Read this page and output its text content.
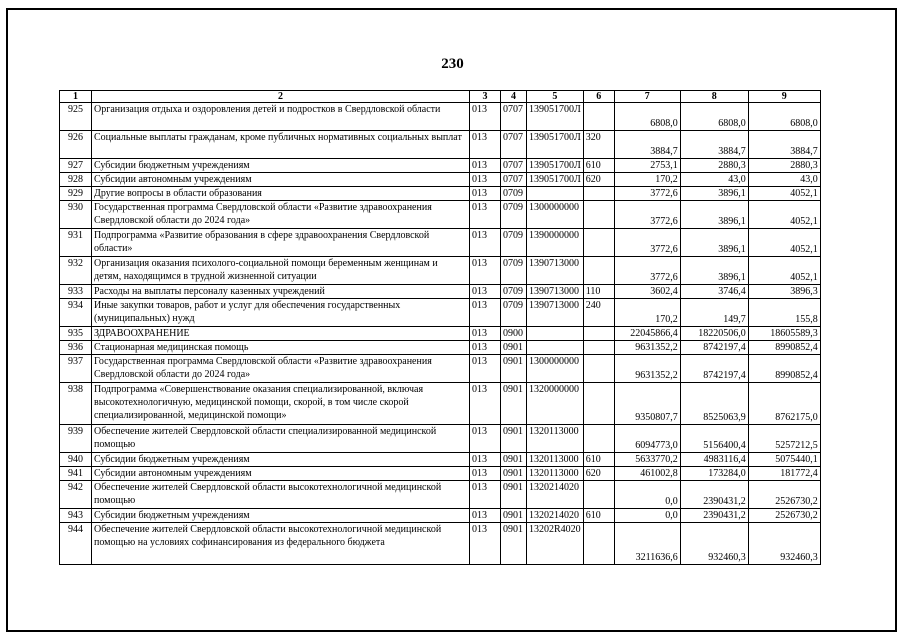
230
1	2	3	4	5	6	7	8	9
925	Организация отдыха и оздоровления детей и подростков в Свердловской области	013	0707	139051700Л		6808,0	6808,0	6808,0
926	Социальные выплаты гражданам, кроме публичных нормативных социальных выплат	013	0707	139051700Л	320	3884,7	3884,7	3884,7
927	Субсидии бюджетным учреждениям	013	0707	139051700Л	610	2753,1	2880,3	2880,3
928	Субсидии автономным учреждениям	013	0707	139051700Л	620	170,2	43,0	43,0
929	Другие вопросы в области образования	013	0709			3772,6	3896,1	4052,1
930	Государственная программа Свердловской области «Развитие здравоохранения Свердловской области до 2024 года»	013	0709	1300000000		3772,6	3896,1	4052,1
931	Подпрограмма «Развитие образования в сфере здравоохранения Свердловской области»	013	0709	1390000000		3772,6	3896,1	4052,1
932	Организация оказания психолого-социальной помощи беременным женщинам и детям, находящимся в трудной жизненной ситуации	013	0709	1390713000		3772,6	3896,1	4052,1
933	Расходы на выплаты персоналу казенных учреждений	013	0709	1390713000	110	3602,4	3746,4	3896,3
934	Иные закупки товаров, работ и услуг для обеспечения государственных (муниципальных) нужд	013	0709	1390713000	240	170,2	149,7	155,8
935	ЗДРАВООХРАНЕНИЕ	013	0900			22045866,4	18220506,0	18605589,3
936	Стационарная медицинская помощь	013	0901			9631352,2	8742197,4	8990852,4
937	Государственная программа Свердловской области «Развитие здравоохранения Свердловской области до 2024 года»	013	0901	1300000000		9631352,2	8742197,4	8990852,4
938	Подпрограмма «Совершенствование оказания специализированной, включая высокотехнологичную, медицинской помощи, скорой, в том числе скорой специализированной, медицинской помощи»	013	0901	1320000000		9350807,7	8525063,9	8762175,0
939	Обеспечение жителей Свердловской области специализированной медицинской помощью	013	0901	1320113000		6094773,0	5156400,4	5257212,5
940	Субсидии бюджетным учреждениям	013	0901	1320113000	610	5633770,2	4983116,4	5075440,1
941	Субсидии автономным учреждениям	013	0901	1320113000	620	461002,8	173284,0	181772,4
942	Обеспечение жителей Свердловской области высокотехнологичной медицинской помощью	013	0901	1320214020		0,0	2390431,2	2526730,2
943	Субсидии бюджетным учреждениям	013	0901	1320214020	610	0,0	2390431,2	2526730,2
944	Обеспечение жителей Свердловской области высокотехнологичной медицинской помощью на условиях софинансирования из федерального бюджета	013	0901	13202R4020		3211636,6	932460,3	932460,3
